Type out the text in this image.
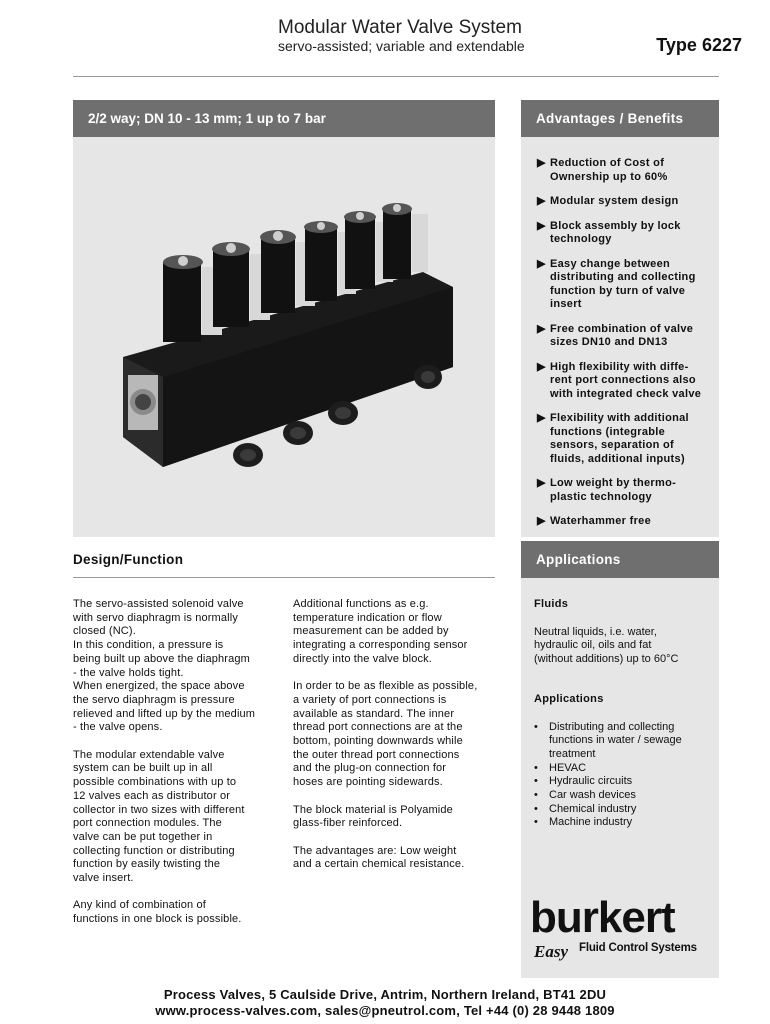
Modular Water Valve System
servo-assisted; variable and extendable	Type 6227
2/2 way; DN 10 - 13 mm; 1 up to 7 bar	Advantages / Benefits
▶ Reduction of Cost of
Ownership up to 60%
▶ Modular system design
▶ Block assembly by lock
technology
▶ Easy change between
distributing and collecting
function by turn of valve
insert
▶ Free combination of valve
sizes DN10 and DN13
▶ High flexibility with diffe-
rent port connections also
with integrated check valve
▶ Flexibility with additional
functions (integrable
sensors, separation of
fluids, additional inputs)
▶ Low weight by thermo-
plastic technology
▶ Waterhammer free
Design/Function

The servo-assisted solenoid valve
with servo diaphragm is normally
closed (NC).
In this condition, a pressure is
being built up above the diaphragm
- the valve holds tight.
When energized, the space above
the servo diaphragm is pressure
relieved and lifted up by the medium
- the valve opens.

The modular extendable valve
system can be built up in all
possible combinations with up to
12 valves each as distributor or
collector in two sizes with different
port connection modules. The
valve can be put together in
collecting function or distributing
function by easily twisting the
valve insert.

Any kind of combination of
functions in one block is possible.

Additional functions as e.g.
temperature indication or flow
measurement can be added by
integrating a corresponding sensor
directly into the valve block.

In order to be as flexible as possible,
a variety of port connections is
available as standard. The inner
thread port connections are at the
bottom, pointing downwards while
the outer thread port connections
and the plug-on connection for
hoses are pointing sidewards.

The block material is Polyamide
glass-fiber reinforced.

The advantages are: Low weight
and a certain chemical resistance.

Applications
Fluids
Neutral liquids, i.e. water,
hydraulic oil, oils and fat
(without additions) up to 60°C
Applications
•	Distributing and collecting
functions in water / sewage
treatment
•	HEVAC
•	Hydraulic circuits
•	Car wash devices
•	Chemical industry
•	Machine industry
burkert
Easy Fluid Control Systems
Process Valves, 5 Caulside Drive, Antrim, Northern Ireland, BT41 2DU
www.process-valves.com, sales@pneutrol.com, Tel +44 (0) 28 9448 1809
